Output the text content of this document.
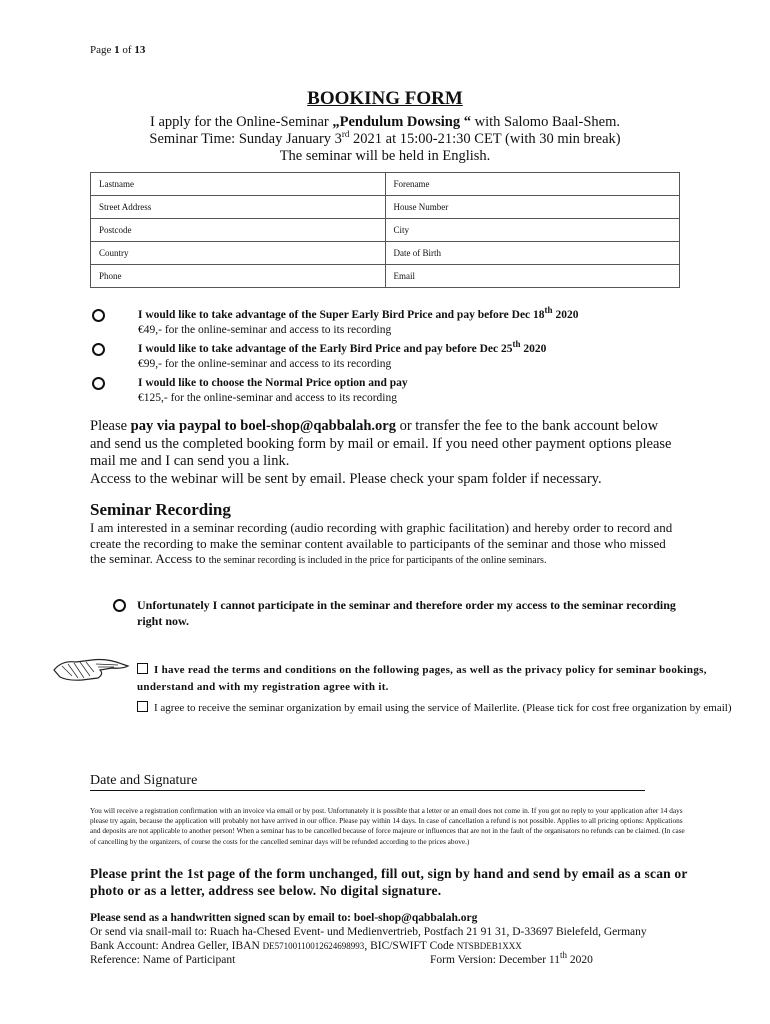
Page 1 of 13
BOOKING FORM
I apply for the Online-Seminar „Pendulum Dowsing “ with Salomo Baal-Shem.
Seminar Time: Sunday January 3rd 2021 at 15:00-21:30 CET (with 30 min break)
The seminar will be held in English.
Lastname	Forename
Street Address	House Number
Postcode	City
Country	Date of Birth
Phone	Email
I would like to take advantage of the Super Early Bird Price and pay before Dec 18th 2020
€49,- for the online-seminar and access to its recording
I would like to take advantage of the Early Bird Price and pay before Dec 25th 2020
€99,- for the online-seminar and access to its recording
I would like to choose the Normal Price option and pay
€125,- for the online-seminar and access to its recording
Please pay via paypal to boel-shop@qabbalah.org or transfer the fee to the bank account below and send us the completed booking form by mail or email. If you need other payment options please mail me and I can send you a link.
Access to the webinar will be sent by email. Please check your spam folder if necessary.
Seminar Recording
I am interested in a seminar recording (audio recording with graphic facilitation) and hereby order to record and create the recording to make the seminar content available to participants of the seminar and those who missed the seminar. Access to the seminar recording is included in the price for participants of the online seminars.
Unfortunately I cannot participate in the seminar and therefore order my access to the seminar recording right now.
I have read the terms and conditions on the following pages, as well as the privacy policy for seminar bookings, understand and with my registration agree with it.
I agree to receive the seminar organization by email using the service of Mailerlite. (Please tick for cost free organization by email)
Date and Signature
You will receive a registration confirmation with an invoice via email or by post. Unfortunately it is possible that a letter or an email does not come in. If you got no reply to your application after 14 days please try again, because the application will probably not have arrived in our office. Please pay within 14 days. In case of cancellation a refund is not possible. Applies to all pricing options: Applications and deposits are not applicable to another person! When a seminar has to be cancelled because of force majeure or influences that are not in the fault of the organisators no refunds can be claimed. (In case of cancelling by the organizers, of course the costs for the cancelled seminar days will be refunded according to the prices above.)
Please print the 1st page of the form unchanged, fill out, sign by hand and send by email as a scan or photo or as a letter, address see below. No digital signature.
Please send as a handwritten signed scan by email to: boel-shop@qabbalah.org
Or send via snail-mail to: Ruach ha-Chesed Event- und Medienvertrieb, Postfach 21 91 31, D-33697 Bielefeld, Germany
Bank Account: Andrea Geller, IBAN DE57100110012624698993, BIC/SWIFT Code NTSBDEB1XXX
Reference: Name of Participant	Form Version: December 11th 2020
